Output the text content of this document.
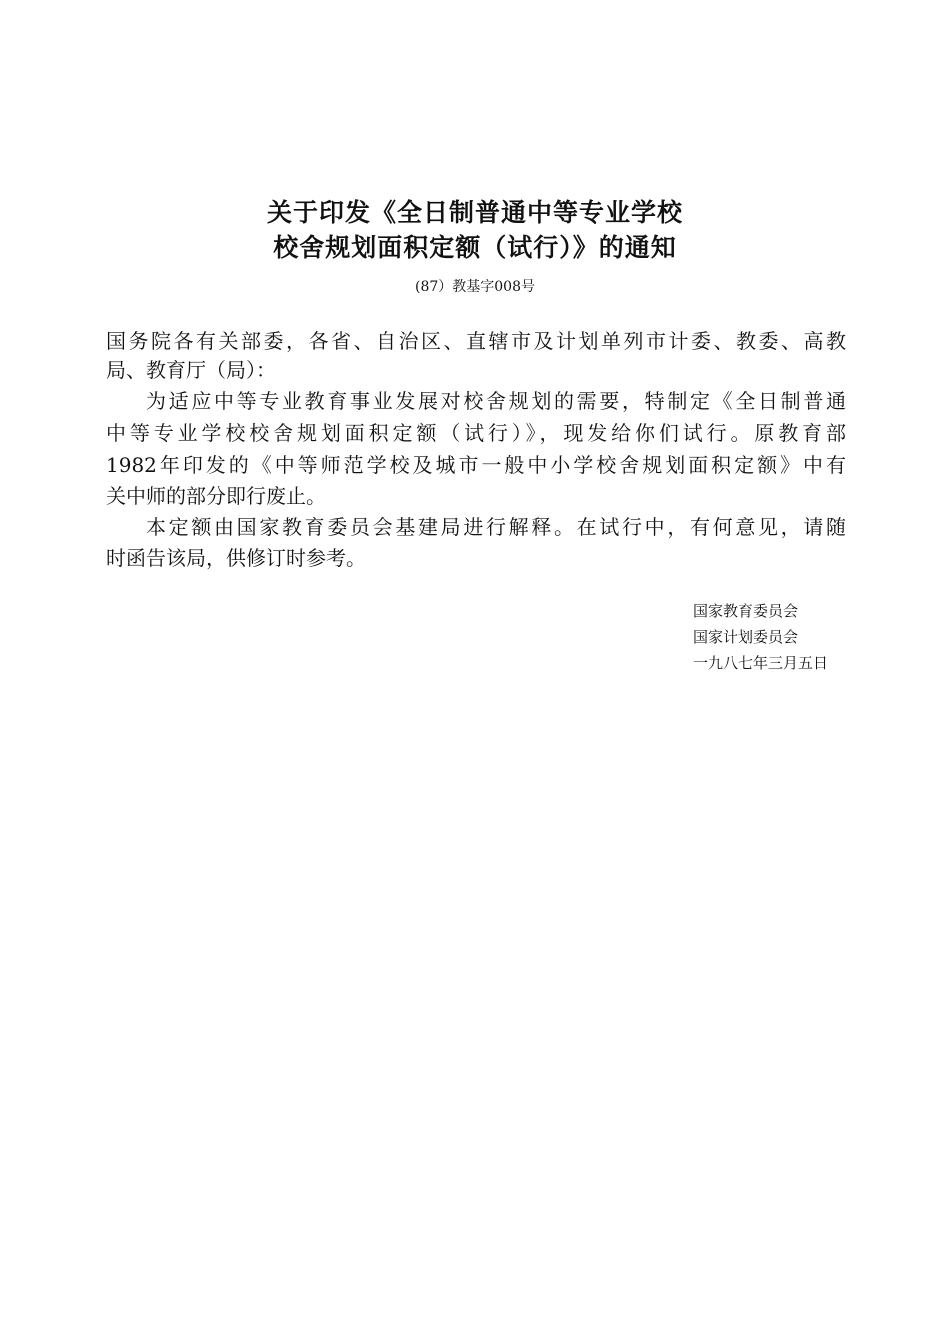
关于印发《全日制普通中等专业学校
校舍规划面积定额（试行）》的通知
(87）教基字008号
国务院各有关部委，各省、自治区、直辖市及计划单列市计委、教委、高教
局、教育厅（局）：
为适应中等专业教育事业发展对校舍规划的需要，特制定《全日制普通
中等专业学校校舍规划面积定额（试行）》，现发给你们试行。原教育部
1982年印发的《中等师范学校及城市一般中小学校舍规划面积定额》中有
关中师的部分即行废止。
本定额由国家教育委员会基建局进行解释。在试行中，有何意见，请随
时函告该局，供修订时参考。
国家教育委员会
国家计划委员会
一九八七年三月五日
